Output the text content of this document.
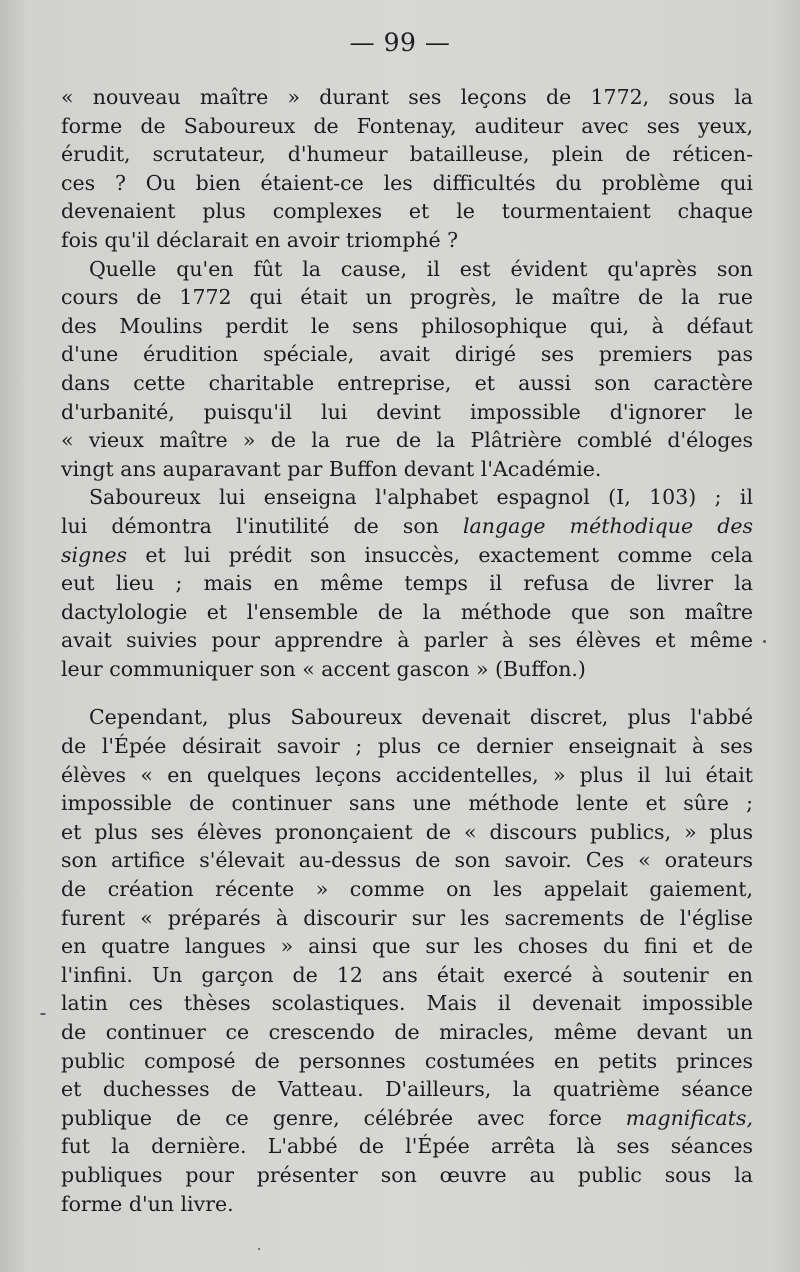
— 99 —

« nouveau maître » durant ses leçons de 1772, sous la
forme de Saboureux de Fontenay, auditeur avec ses yeux,
érudit, scrutateur, d'humeur batailleuse, plein de réticen-
ces ? Ou bien étaient-ce les difficultés du problème qui
devenaient plus complexes et le tourmentaient chaque
fois qu'il déclarait en avoir triomphé ?

Quelle qu'en fût la cause, il est évident qu'après son
cours de 1772 qui était un progrès, le maître de la rue
des Moulins perdit le sens philosophique qui, à défaut
d'une érudition spéciale, avait dirigé ses premiers pas
dans cette charitable entreprise, et aussi son caractère
d'urbanité, puisqu'il lui devint impossible d'ignorer le
« vieux maître » de la rue de la Plâtrière comblé d'éloges
vingt ans auparavant par Buffon devant l'Académie.

Saboureux lui enseigna l'alphabet espagnol (I, 103) ; il
lui démontra l'inutilité de son langage méthodique des
signes et lui prédit son insuccès, exactement comme cela
eut lieu ; mais en même temps il refusa de livrer la
dactylologie et l'ensemble de la méthode que son maître
avait suivies pour apprendre à parler à ses élèves et même
leur communiquer son « accent gascon » (Buffon.)

Cependant, plus Saboureux devenait discret, plus l'abbé
de l'Épée désirait savoir ; plus ce dernier enseignait à ses
élèves « en quelques leçons accidentelles, » plus il lui était
impossible de continuer sans une méthode lente et sûre ;
et plus ses élèves prononçaient de « discours publics, » plus
son artifice s'élevait au-dessus de son savoir. Ces « orateurs
de création récente » comme on les appelait gaiement,
furent « préparés à discourir sur les sacrements de l'église
en quatre langues » ainsi que sur les choses du fini et de
l'infini. Un garçon de 12 ans était exercé à soutenir en
latin ces thèses scolastiques. Mais il devenait impossible
de continuer ce crescendo de miracles, même devant un
public composé de personnes costumées en petits princes
et duchesses de Vatteau. D'ailleurs, la quatrième séance
publique de ce genre, célébrée avec force magnificats,
fut la dernière. L'abbé de l'Épée arrêta là ses séances
publiques pour présenter son œuvre au public sous la
forme d'un livre.
